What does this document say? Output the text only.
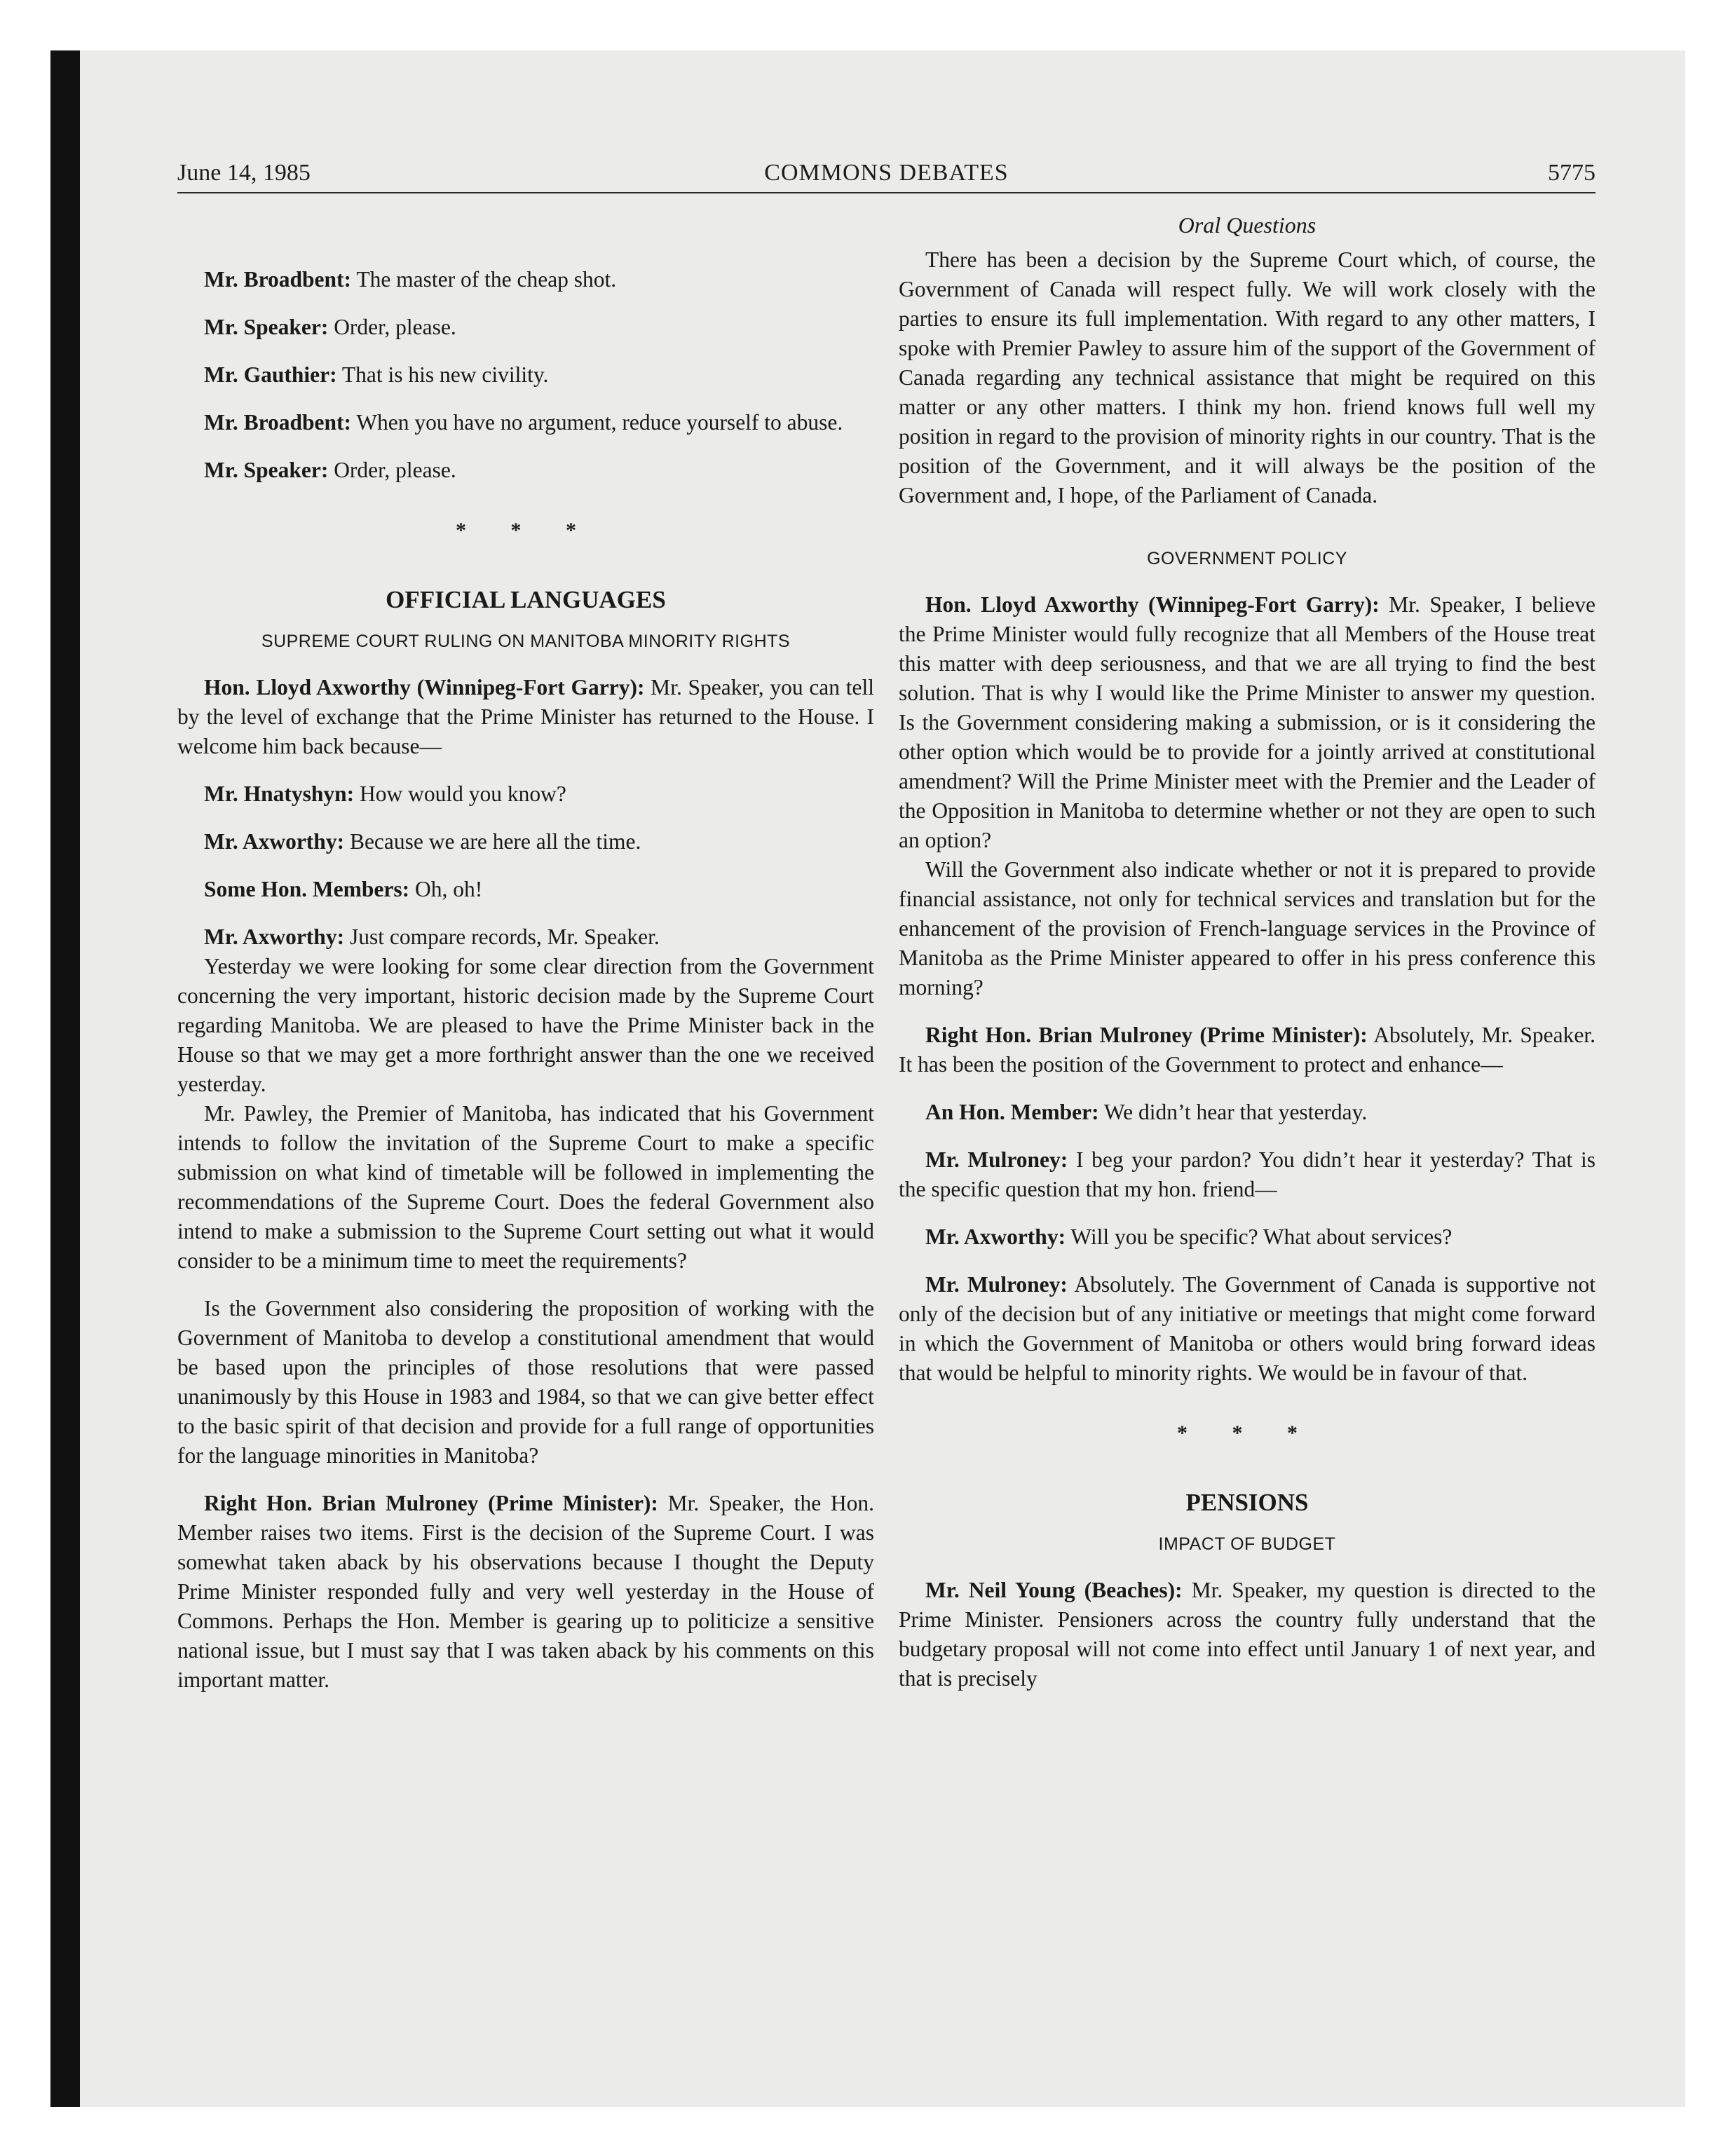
June 14, 1985	COMMONS DEBATES	5775

Mr. Broadbent: The master of the cheap shot.

Mr. Speaker: Order, please.

Mr. Gauthier: That is his new civility.

Mr. Broadbent: When you have no argument, reduce yourself to abuse.

Mr. Speaker: Order, please.

* * *
OFFICIAL LANGUAGES
SUPREME COURT RULING ON MANITOBA MINORITY RIGHTS

Hon. Lloyd Axworthy (Winnipeg-Fort Garry): Mr. Speaker, you can tell by the level of exchange that the Prime Minister has returned to the House. I welcome him back because—

Mr. Hnatyshyn: How would you know?

Mr. Axworthy: Because we are here all the time.

Some Hon. Members: Oh, oh!

Mr. Axworthy: Just compare records, Mr. Speaker.

Yesterday we were looking for some clear direction from the Government concerning the very important, historic decision made by the Supreme Court regarding Manitoba. We are pleased to have the Prime Minister back in the House so that we may get a more forthright answer than the one we received yesterday.

Mr. Pawley, the Premier of Manitoba, has indicated that his Government intends to follow the invitation of the Supreme Court to make a specific submission on what kind of timetable will be followed in implementing the recommendations of the Supreme Court. Does the federal Government also intend to make a submission to the Supreme Court setting out what it would consider to be a minimum time to meet the requirements?

Is the Government also considering the proposition of working with the Government of Manitoba to develop a constitutional amendment that would be based upon the principles of those resolutions that were passed unanimously by this House in 1983 and 1984, so that we can give better effect to the basic spirit of that decision and provide for a full range of opportunities for the language minorities in Manitoba?

Right Hon. Brian Mulroney (Prime Minister): Mr. Speaker, the Hon. Member raises two items. First is the decision of the Supreme Court. I was somewhat taken aback by his observations because I thought the Deputy Prime Minister responded fully and very well yesterday in the House of Commons. Perhaps the Hon. Member is gearing up to politicize a sensitive national issue, but I must say that I was taken aback by his comments on this important matter.

Oral Questions

There has been a decision by the Supreme Court which, of course, the Government of Canada will respect fully. We will work closely with the parties to ensure its full implementation. With regard to any other matters, I spoke with Premier Pawley to assure him of the support of the Government of Canada regarding any technical assistance that might be required on this matter or any other matters. I think my hon. friend knows full well my position in regard to the provision of minority rights in our country. That is the position of the Government, and it will always be the position of the Government and, I hope, of the Parliament of Canada.

GOVERNMENT POLICY

Hon. Lloyd Axworthy (Winnipeg-Fort Garry): Mr. Speaker, I believe the Prime Minister would fully recognize that all Members of the House treat this matter with deep seriousness, and that we are all trying to find the best solution. That is why I would like the Prime Minister to answer my question. Is the Government considering making a submission, or is it considering the other option which would be to provide for a jointly arrived at constitutional amendment? Will the Prime Minister meet with the Premier and the Leader of the Opposition in Manitoba to determine whether or not they are open to such an option?

Will the Government also indicate whether or not it is prepared to provide financial assistance, not only for technical services and translation but for the enhancement of the provision of French-language services in the Province of Manitoba as the Prime Minister appeared to offer in his press conference this morning?

Right Hon. Brian Mulroney (Prime Minister): Absolutely, Mr. Speaker. It has been the position of the Government to protect and enhance—

An Hon. Member: We didn’t hear that yesterday.

Mr. Mulroney: I beg your pardon? You didn’t hear it yesterday? That is the specific question that my hon. friend—

Mr. Axworthy: Will you be specific? What about services?

Mr. Mulroney: Absolutely. The Government of Canada is supportive not only of the decision but of any initiative or meetings that might come forward in which the Government of Manitoba or others would bring forward ideas that would be helpful to minority rights. We would be in favour of that.

* * *
PENSIONS
IMPACT OF BUDGET

Mr. Neil Young (Beaches): Mr. Speaker, my question is directed to the Prime Minister. Pensioners across the country fully understand that the budgetary proposal will not come into effect until January 1 of next year, and that is precisely
